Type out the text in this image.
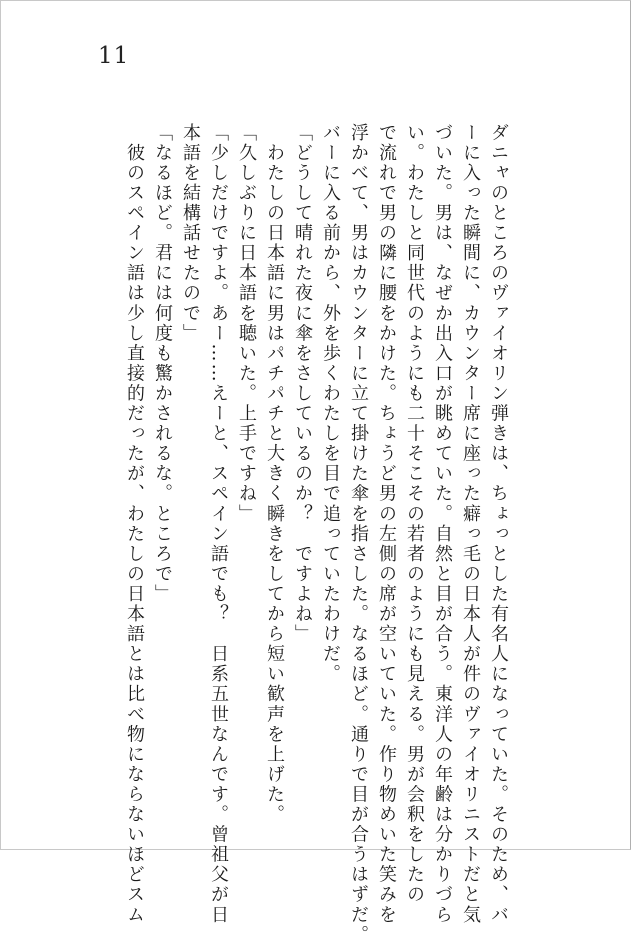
11
ダニャのところのヴァイオリン弾きは、ちょっとした有名人になっていた。そのため、バ
ーに入った瞬間に、カウンター席に座った癖っ毛の日本人が件のヴァイオリニストだと気
づいた。男は、なぜか出入口が眺めていた。自然と目が合う。東洋人の年齢は分かりづら
い。わたしと同世代のようにも二十そこその若者のようにも見える。男が会釈をしたの
で流れで男の隣に腰をかけた。ちょうど男の左側の席が空いていた。作り物めいた笑みを
浮かべて、男はカウンターに立て掛けた傘を指さした。なるほど。通りで目が合うはずだ。
バーに入る前から、外を歩くわたしを目で追っていたわけだ。
「どうして晴れた夜に傘をさしているのか？　ですよね」
　わたしの日本語に男はパチパチと大きく瞬きをしてから短い歓声を上げた。
「久しぶりに日本語を聴いた。上手ですね」
「少しだけですよ。あー……えーと、スペイン語でも？　日系五世なんです。曾祖父が日
本語を結構話せたので」
「なるほど。君には何度も驚かされるな。ところで」
　彼のスペイン語は少し直接的だったが、わたしの日本語とは比べ物にならないほどスム
